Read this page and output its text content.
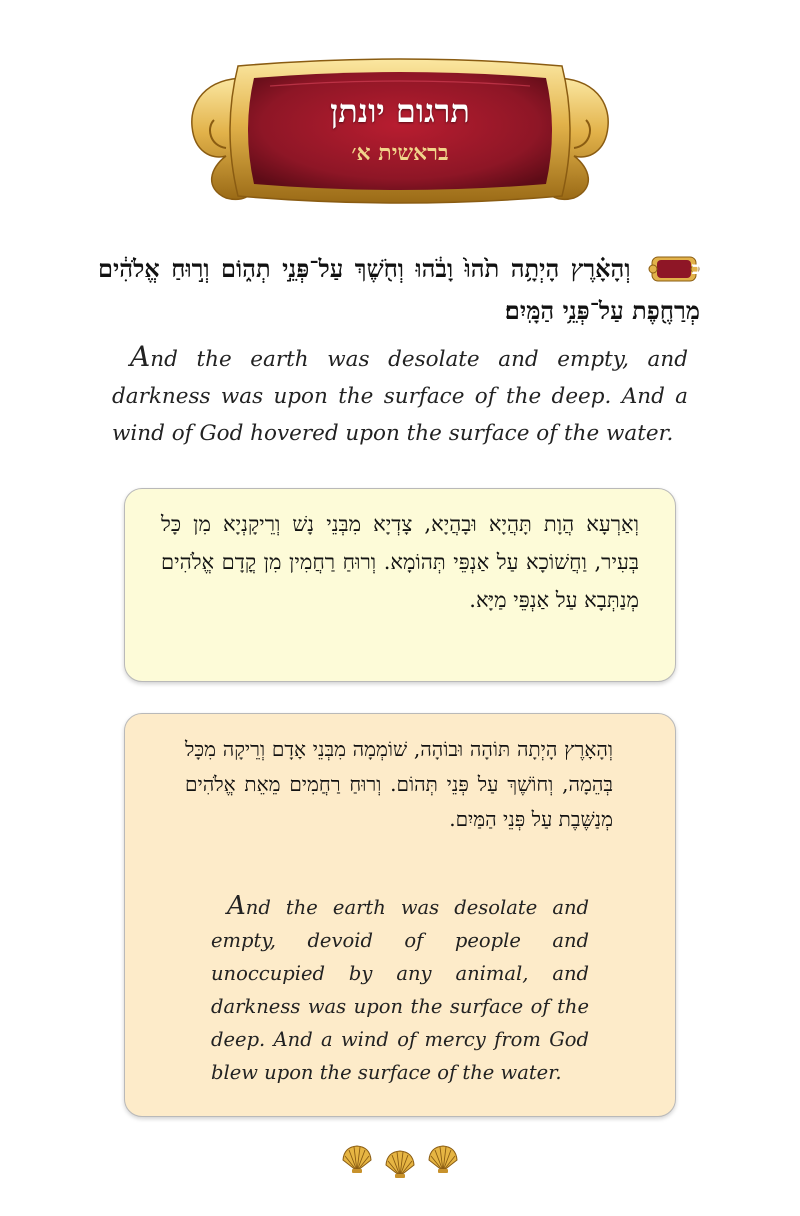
תרגום יונתן
בראשית א׳
ב
וְהָאָ֗רֶץ הָיְתָ֥ה תֹ֙הוּ֙ וָבֹ֔הוּ וְחֹ֖שֶׁךְ עַל־פְּנֵ֣י תְה֑וֹם וְר֣וּחַ אֱלֹהִ֔ים מְרַחֶ֖פֶת עַל־פְּנֵ֥י הַמָּֽיִם׃
And the earth was desolate and empty, and darkness was upon the surface of the deep. And a wind of God hovered upon the surface of the water.
וְאַרְעָא הֲוָת תָּהֲיָא וּבָהֲיָא, צָדְיָא מִבְּנֵי נָשׁ וְרֵיקָנְיָא מִן כָּל בְּעִיר, וַחֲשׁוֹכָא עַל אַנְפֵּי תְּהוֹמָא. וְרוּחַ רַחֲמִין מִן קֳדָם אֱלֹהִים מְנַתְּבָא עַל אַנְפֵּי מַיָּא.
וְהָאָרֶץ הָיְתָה תּוֹהָה וּבוֹהָה, שׁוֹמְמָה מִבְּנֵי אָדָם וְרֵיקָה מִכָּל בְּהֵמָה, וְחוֹשֶׁךְ עַל פְּנֵי תְּהוֹם. וְרוּחַ רַחֲמִים מֵאֵת אֱלֹהִים מְנַשֶּׁבֶת עַל פְּנֵי הַמַּיִם.
And the earth was desolate and empty, devoid of people and unoccupied by any animal, and darkness was upon the surface of the deep. And a wind of mercy from God blew upon the surface of the water.
